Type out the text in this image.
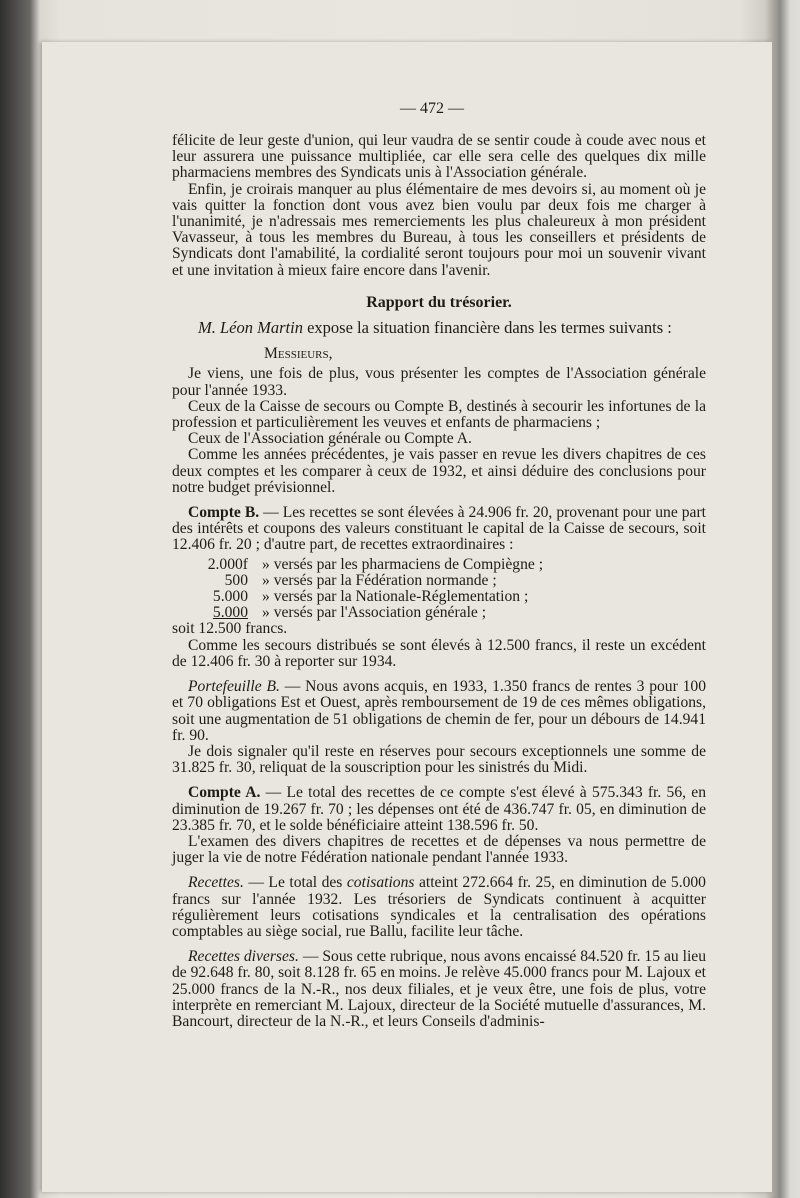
— 472 —

félicite de leur geste d'union, qui leur vaudra de se sentir coude à coude avec nous et leur assurera une puissance multipliée, car elle sera celle des quelques dix mille pharmaciens membres des Syndicats unis à l'Association générale.

Enfin, je croirais manquer au plus élémentaire de mes devoirs si, au moment où je vais quitter la fonction dont vous avez bien voulu par deux fois me charger à l'unanimité, je n'adressais mes remerciements les plus chaleureux à mon président Vavasseur, à tous les membres du Bureau, à tous les conseillers et présidents de Syndicats dont l'amabilité, la cordialité seront toujours pour moi un souvenir vivant et une invitation à mieux faire encore dans l'avenir.

Rapport du trésorier.

M. Léon Martin expose la situation financière dans les termes suivants :

Messieurs,

Je viens, une fois de plus, vous présenter les comptes de l'Association générale pour l'année 1933.

Ceux de la Caisse de secours ou Compte B, destinés à secourir les infortunes de la profession et particulièrement les veuves et enfants de pharmaciens ;

Ceux de l'Association générale ou Compte A.

Comme les années précédentes, je vais passer en revue les divers chapitres de ces deux comptes et les comparer à ceux de 1932, et ainsi déduire des conclusions pour notre budget prévisionnel.

Compte B. — Les recettes se sont élevées à 24.906 fr. 20, provenant pour une part des intérêts et coupons des valeurs constituant le capital de la Caisse de secours, soit 12.406 fr. 20 ; d'autre part, de recettes extraordinaires :

2.000f » versés par les pharmaciens de Compiègne ;
500 » versés par la Fédération normande ;
5.000 » versés par la Nationale-Réglementation ;
5.000 » versés par l'Association générale ;

soit 12.500 francs.

Comme les secours distribués se sont élevés à 12.500 francs, il reste un excédent de 12.406 fr. 30 à reporter sur 1934.

Portefeuille B. — Nous avons acquis, en 1933, 1.350 francs de rentes 3 pour 100 et 70 obligations Est et Ouest, après remboursement de 19 de ces mêmes obligations, soit une augmentation de 51 obligations de chemin de fer, pour un débours de 14.941 fr. 90.

Je dois signaler qu'il reste en réserves pour secours exceptionnels une somme de 31.825 fr. 30, reliquat de la souscription pour les sinistrés du Midi.

Compte A. — Le total des recettes de ce compte s'est élevé à 575.343 fr. 56, en diminution de 19.267 fr. 70 ; les dépenses ont été de 436.747 fr. 05, en diminution de 23.385 fr. 70, et le solde bénéficiaire atteint 138.596 fr. 50.

L'examen des divers chapitres de recettes et de dépenses va nous permettre de juger la vie de notre Fédération nationale pendant l'année 1933.

Recettes. — Le total des cotisations atteint 272.664 fr. 25, en diminution de 5.000 francs sur l'année 1932. Les trésoriers de Syndicats continuent à acquitter régulièrement leurs cotisations syndicales et la centralisation des opérations comptables au siège social, rue Ballu, facilite leur tâche.

Recettes diverses. — Sous cette rubrique, nous avons encaissé 84.520 fr. 15 au lieu de 92.648 fr. 80, soit 8.128 fr. 65 en moins. Je relève 45.000 francs pour M. Lajoux et 25.000 francs de la N.-R., nos deux filiales, et je veux être, une fois de plus, votre interprète en remerciant M. Lajoux, directeur de la Société mutuelle d'assurances, M. Bancourt, directeur de la N.-R., et leurs Conseils d'adminis-
